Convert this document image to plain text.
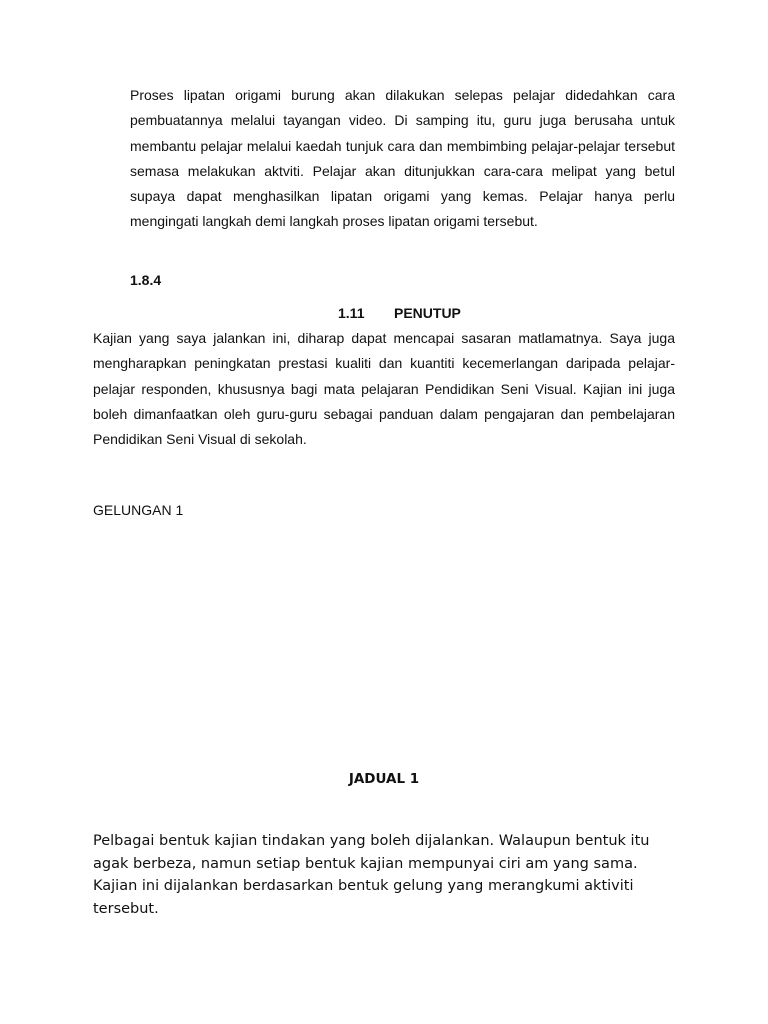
Proses lipatan origami burung akan dilakukan selepas pelajar didedahkan cara pembuatannya melalui tayangan video. Di samping itu, guru juga berusaha untuk membantu pelajar melalui kaedah tunjuk cara dan membimbing pelajar-pelajar tersebut semasa melakukan aktviti. Pelajar akan ditunjukkan cara-cara melipat yang betul supaya dapat menghasilkan lipatan origami yang kemas. Pelajar hanya perlu mengingati langkah demi langkah proses lipatan origami tersebut.

1.8.4

1.11 PENUTUP

Kajian yang saya jalankan ini, diharap dapat mencapai sasaran matlamatnya. Saya juga mengharapkan peningkatan prestasi kualiti dan kuantiti kecemerlangan daripada pelajar-pelajar responden, khususnya bagi mata pelajaran Pendidikan Seni Visual. Kajian ini juga boleh dimanfaatkan oleh guru-guru sebagai panduan dalam pengajaran dan pembelajaran Pendidikan Seni Visual di sekolah.

GELUNGAN 1

JADUAL 1

Pelbagai bentuk kajian tindakan yang boleh dijalankan. Walaupun bentuk itu agak berbeza, namun setiap bentuk kajian mempunyai ciri am yang sama. Kajian ini dijalankan berdasarkan bentuk gelung yang merangkumi aktiviti tersebut.
